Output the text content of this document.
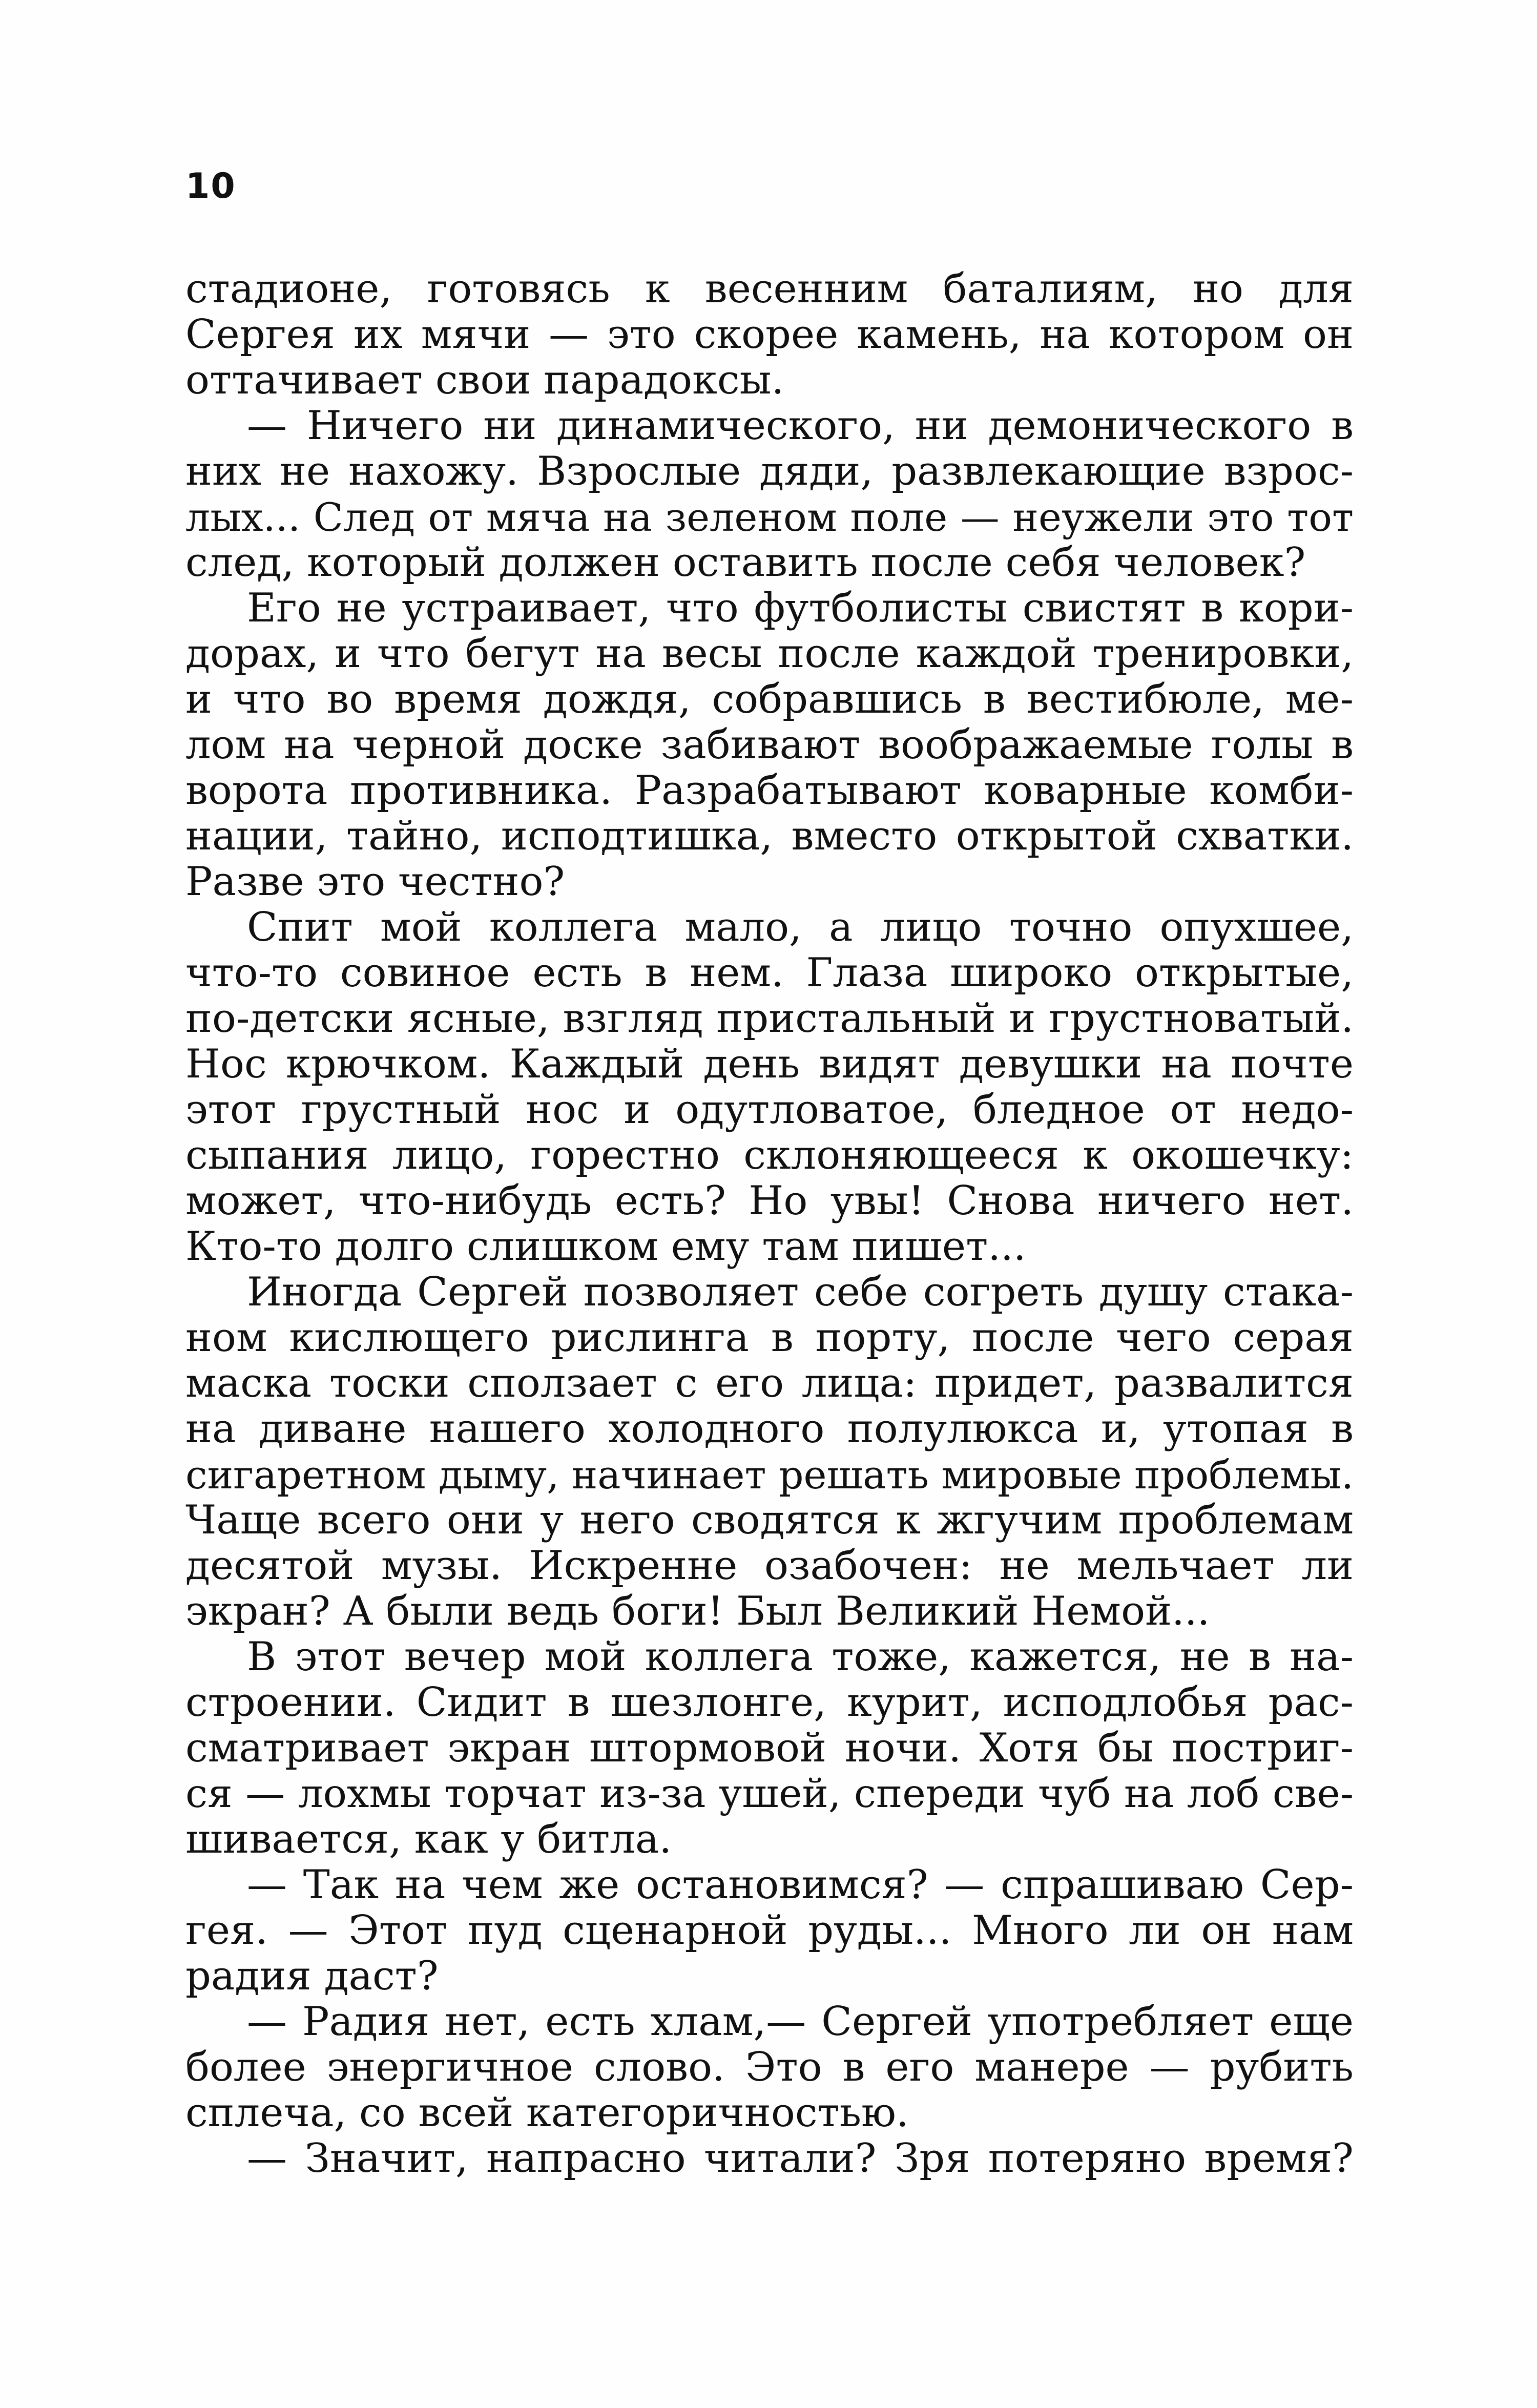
10
стадионе, готовясь к весенним баталиям, но для
Сергея их мячи — это скорее камень, на котором он
оттачивает свои парадоксы.
— Ничего ни динамического, ни демонического в
них не нахожу. Взрослые дяди, развлекающие взрос-
лых... След от мяча на зеленом поле — неужели это тот
след, который должен оставить после себя человек?
Его не устраивает, что футболисты свистят в кори-
дорах, и что бегут на весы после каждой тренировки,
и что во время дождя, собравшись в вестибюле, ме-
лом на черной доске забивают воображаемые голы в
ворота противника. Разрабатывают коварные комби-
нации, тайно, исподтишка, вместо открытой схватки.
Разве это честно?
Спит мой коллега мало, а лицо точно опухшее,
что-то совиное есть в нем. Глаза широко открытые,
по-детски ясные, взгляд пристальный и грустноватый.
Нос крючком. Каждый день видят девушки на почте
этот грустный нос и одутловатое, бледное от недо-
сыпания лицо, горестно склоняющееся к окошечку:
может, что-нибудь есть? Но увы! Снова ничего нет.
Кто-то долго слишком ему там пишет...
Иногда Сергей позволяет себе согреть душу стака-
ном кислющего рислинга в порту, после чего серая
маска тоски сползает с его лица: придет, развалится
на диване нашего холодного полулюкса и, утопая в
сигаретном дыму, начинает решать мировые проблемы.
Чаще всего они у него сводятся к жгучим проблемам
десятой музы. Искренне озабочен: не мельчает ли
экран? А были ведь боги! Был Великий Немой...
В этот вечер мой коллега тоже, кажется, не в на-
строении. Сидит в шезлонге, курит, исподлобья рас-
сматривает экран штормовой ночи. Хотя бы постриг-
ся — лохмы торчат из-за ушей, спереди чуб на лоб све-
шивается, как у битла.
— Так на чем же остановимся? — спрашиваю Сер-
гея. — Этот пуд сценарной руды... Много ли он нам
радия даст?
— Радия нет, есть хлам,— Сергей употребляет еще
более энергичное слово. Это в его манере — рубить
сплеча, со всей категоричностью.
— Значит, напрасно читали? Зря потеряно время?
